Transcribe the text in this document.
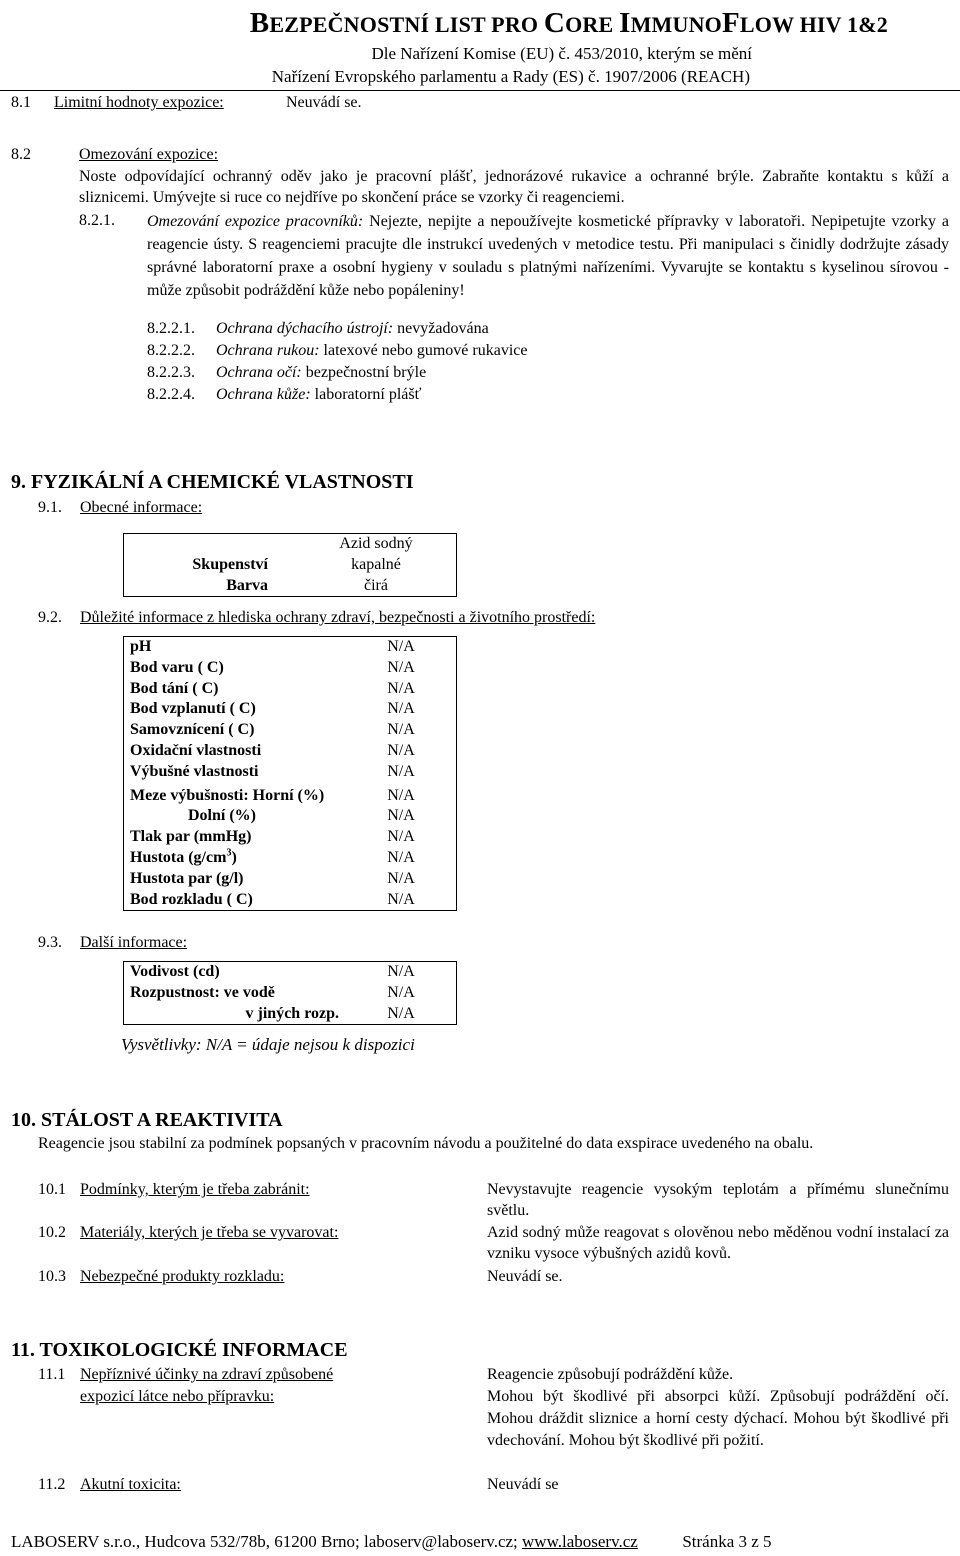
BEZPEČNOSTNÍ LIST PRO CORE IMMUNOFLOW HIV 1&2
Dle Nařízení Komise (EU) č. 453/2010, kterým se mění
Nařízení Evropského parlamentu a Rady (ES) č. 1907/2006 (REACH)
8.1 Limitní hodnoty expozice:	Neuvádí se.
8.2	Omezování expozice:
Noste odpovídající ochranný oděv jako je pracovní plášť, jednorázové rukavice a ochranné brýle. Zabraňte kontaktu s kůží a sliznicemi. Umývejte si ruce co nejdříve po skončení práce se vzorky či reagenciemi.
8.2.1. Omezování expozice pracovníků: Nejezte, nepijte a nepoužívejte kosmetické přípravky v laboratoři. Nepipetujte vzorky a reagencie ústy. S reagenciemi pracujte dle instrukcí uvedených v metodice testu. Při manipulaci s činidly dodržujte zásady správné laboratorní praxe a osobní hygieny v souladu s platnými nařízeními. Vyvarujte se kontaktu s kyselinou sírovou - může způsobit podráždění kůže nebo popáleniny!
8.2.2.1. Ochrana dýchacího ústrojí: nevyžadována
8.2.2.2. Ochrana rukou: latexové nebo gumové rukavice
8.2.2.3. Ochrana očí: bezpečnostní brýle
8.2.2.4. Ochrana kůže: laboratorní plášť
9. FYZIKÁLNÍ A CHEMICKÉ VLASTNOSTI
9.1. Obecné informace:
	Azid sodný
Skupenství	kapalné
Barva	čirá
9.2. Důležité informace z hlediska ochrany zdraví, bezpečnosti a životního prostředí:
pH	N/A
Bod varu ( C)	N/A
Bod tání ( C)	N/A
Bod vzplanutí ( C)	N/A
Samovznícení ( C)	N/A
Oxidační vlastnosti	N/A
Výbušné vlastnosti	N/A
Meze výbušnosti: Horní (%)	N/A
Dolní (%)	N/A
Tlak par (mmHg)	N/A
Hustota $(g/cm^3)$	N/A
Hustota par (g/l)	N/A
Bod rozkladu ( C)	N/A
9.3. Další informace:
Vodivost (cd)	N/A
Rozpustnost: ve vodě	N/A
v jiných rozp.	N/A
Vysvětlivky: N/A = údaje nejsou k dispozici
10. STÁLOST A REAKTIVITA
Reagencie jsou stabilní za podmínek popsaných v pracovním návodu a použitelné do data exspirace uvedeného na obalu.
10.1 Podmínky, kterým je třeba zabránit:	Nevystavujte reagencie vysokým teplotám a přímému slunečnímu světlu.
10.2 Materiály, kterých je třeba se vyvarovat:	Azid sodný může reagovat s olověnou nebo měděnou vodní instalací za vzniku vysoce výbušných azidů kovů.
10.3 Nebezpečné produkty rozkladu:	Neuvádí se.
11. TOXIKOLOGICKÉ INFORMACE
11.1 Nepříznivé účinky na zdraví způsobené
expozicí látce nebo přípravku:
Reagencie způsobují podráždění kůže.
Mohou být škodlivé při absorpci kůží. Způsobují podráždění očí. Mohou dráždit sliznice a horní cesty dýchací. Mohou být škodlivé při vdechování. Mohou být škodlivé při požití.
11.2 Akutní toxicita:	Neuvádí se
LABOSERV s.r.o., Hudcova 532/78b, 61200 Brno; laboserv@laboserv.cz; www.laboserv.cz	Stránka 3 z 5
